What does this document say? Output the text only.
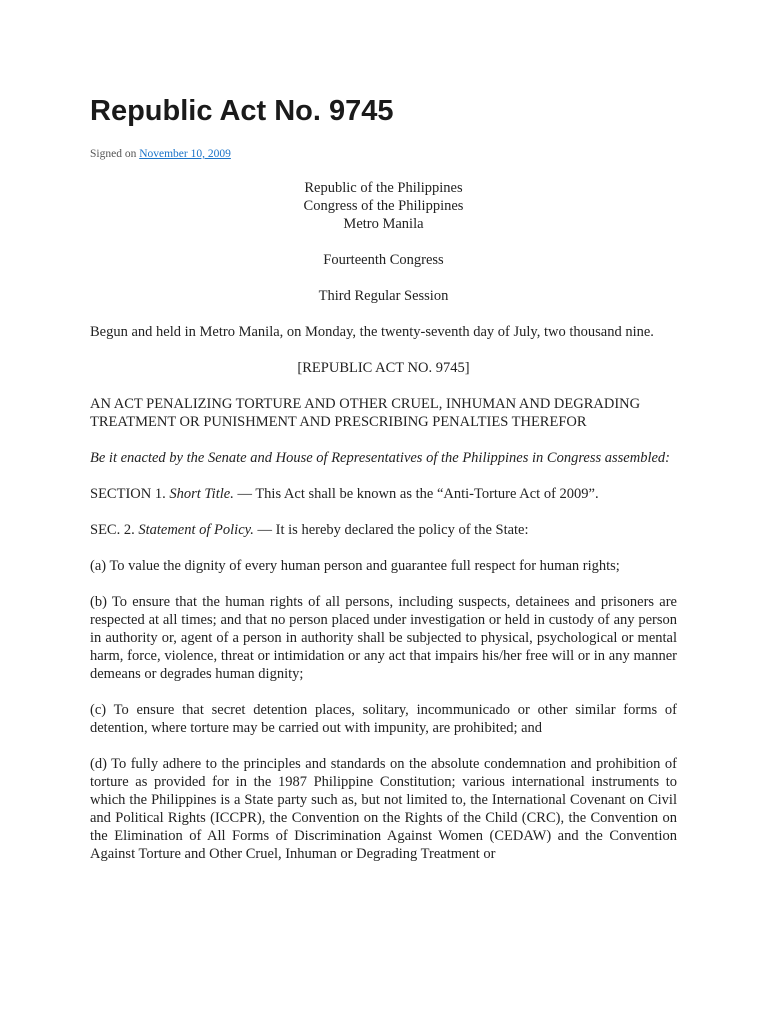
Republic Act No. 9745
Signed on November 10, 2009
Republic of the Philippines
Congress of the Philippines
Metro Manila
Fourteenth Congress
Third Regular Session
Begun and held in Metro Manila, on Monday, the twenty-seventh day of July, two thousand nine.
[REPUBLIC ACT NO. 9745]
AN ACT PENALIZING TORTURE AND OTHER CRUEL, INHUMAN AND DEGRADING TREATMENT OR PUNISHMENT AND PRESCRIBING PENALTIES THEREFOR
Be it enacted by the Senate and House of Representatives of the Philippines in Congress assembled:
SECTION 1. Short Title. — This Act shall be known as the “Anti-Torture Act of 2009”.
SEC. 2. Statement of Policy. — It is hereby declared the policy of the State:
(a) To value the dignity of every human person and guarantee full respect for human rights;
(b) To ensure that the human rights of all persons, including suspects, detainees and prisoners are respected at all times; and that no person placed under investigation or held in custody of any person in authority or, agent of a person in authority shall be subjected to physical, psychological or mental harm, force, violence, threat or intimidation or any act that impairs his/her free will or in any manner demeans or degrades human dignity;
(c) To ensure that secret detention places, solitary, incommunicado or other similar forms of detention, where torture may be carried out with impunity, are prohibited; and
(d) To fully adhere to the principles and standards on the absolute condemnation and prohibition of torture as provided for in the 1987 Philippine Constitution; various international instruments to which the Philippines is a State party such as, but not limited to, the International Covenant on Civil and Political Rights (ICCPR), the Convention on the Rights of the Child (CRC), the Convention on the Elimination of All Forms of Discrimination Against Women (CEDAW) and the Convention Against Torture and Other Cruel, Inhuman or Degrading Treatment or
